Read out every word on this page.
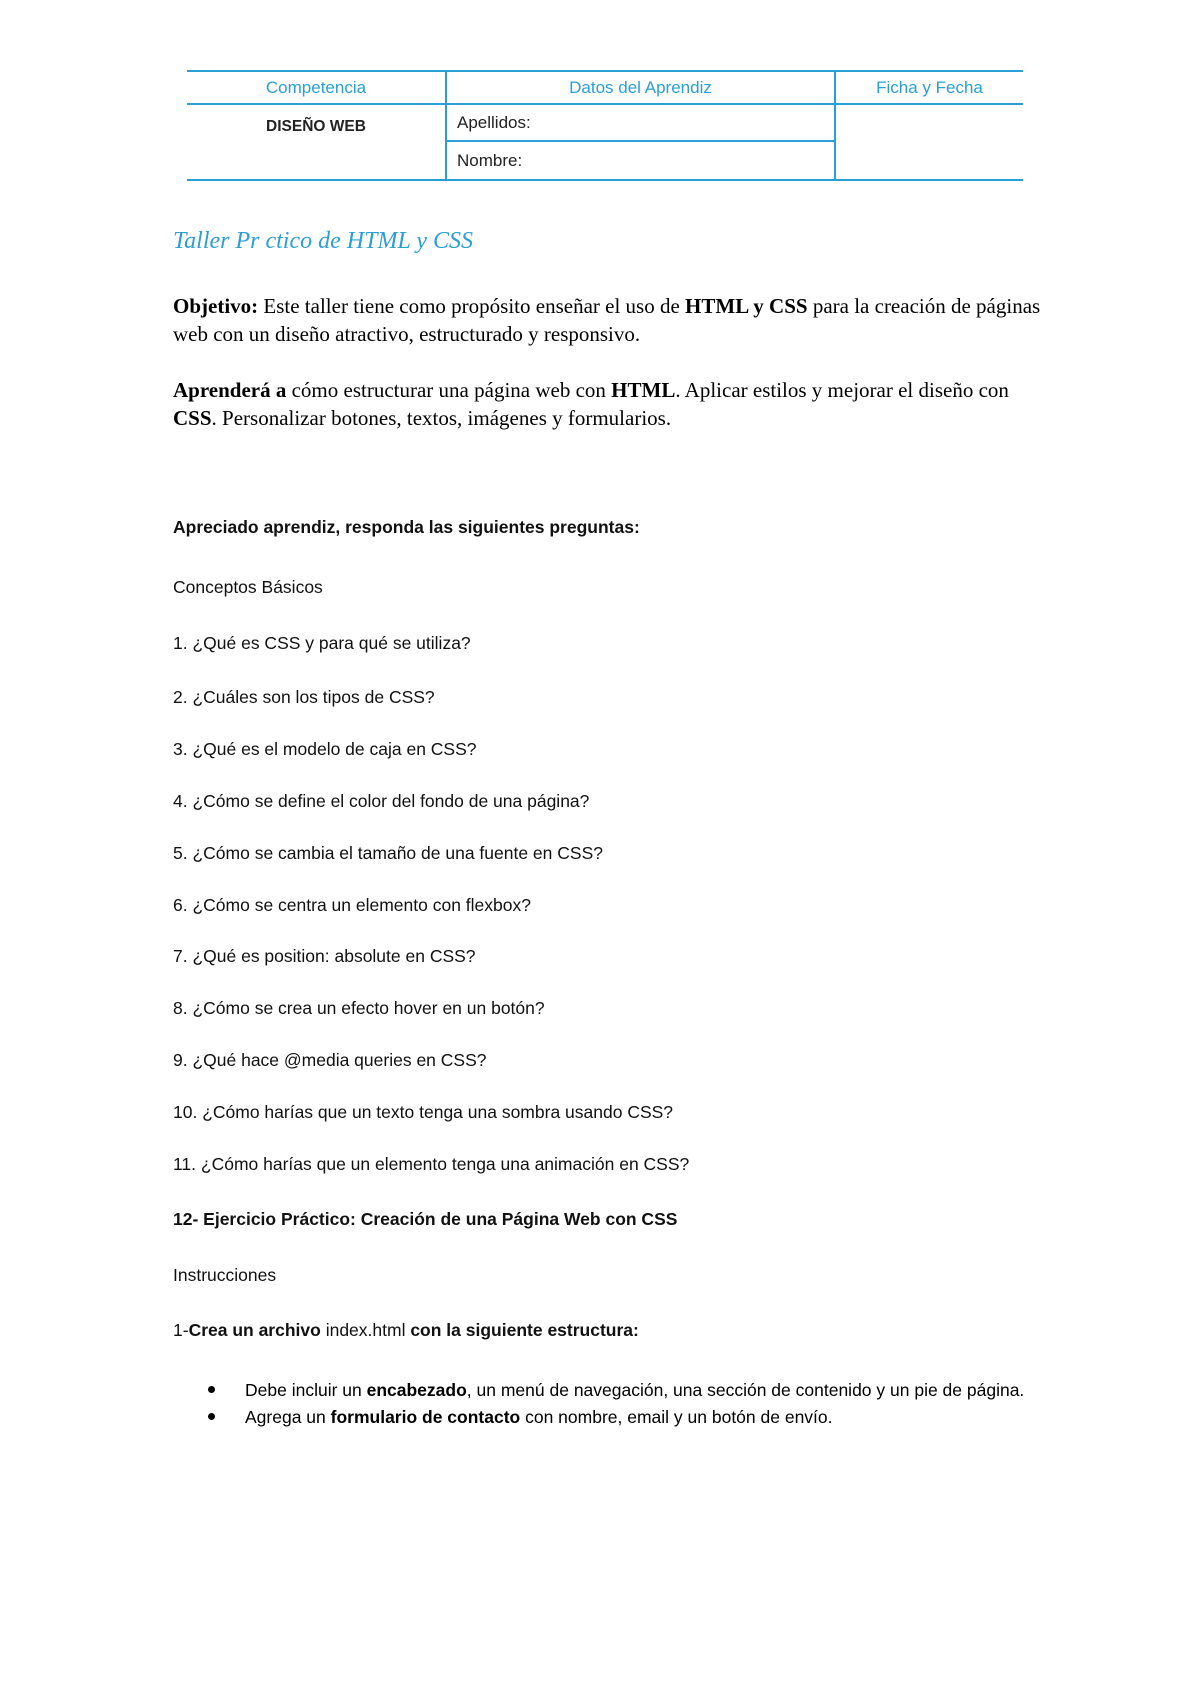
Competencia	Datos del Aprendiz	Ficha y Fecha
DISEÑO WEB	Apellidos:
Nombre:
Taller Pr ctico de HTML y CSS
Objetivo: Este taller tiene como propósito enseñar el uso de HTML y CSS para la creación de páginas web con un diseño atractivo, estructurado y responsivo.
Aprenderá a cómo estructurar una página web con HTML. Aplicar estilos y mejorar el diseño con CSS. Personalizar botones, textos, imágenes y formularios.
Apreciado aprendiz, responda las siguientes preguntas:
Conceptos Básicos
1. ¿Qué es CSS y para qué se utiliza?
2. ¿Cuáles son los tipos de CSS?
3. ¿Qué es el modelo de caja en CSS?
4. ¿Cómo se define el color del fondo de una página?
5. ¿Cómo se cambia el tamaño de una fuente en CSS?
6. ¿Cómo se centra un elemento con flexbox?
7. ¿Qué es position: absolute en CSS?
8. ¿Cómo se crea un efecto hover en un botón?
9. ¿Qué hace @media queries en CSS?
10. ¿Cómo harías que un texto tenga una sombra usando CSS?
11. ¿Cómo harías que un elemento tenga una animación en CSS?
12- Ejercicio Práctico: Creación de una Página Web con CSS
Instrucciones
1-Crea un archivo index.html con la siguiente estructura:
Debe incluir un encabezado, un menú de navegación, una sección de contenido y un pie de página.
Agrega un formulario de contacto con nombre, email y un botón de envío.
